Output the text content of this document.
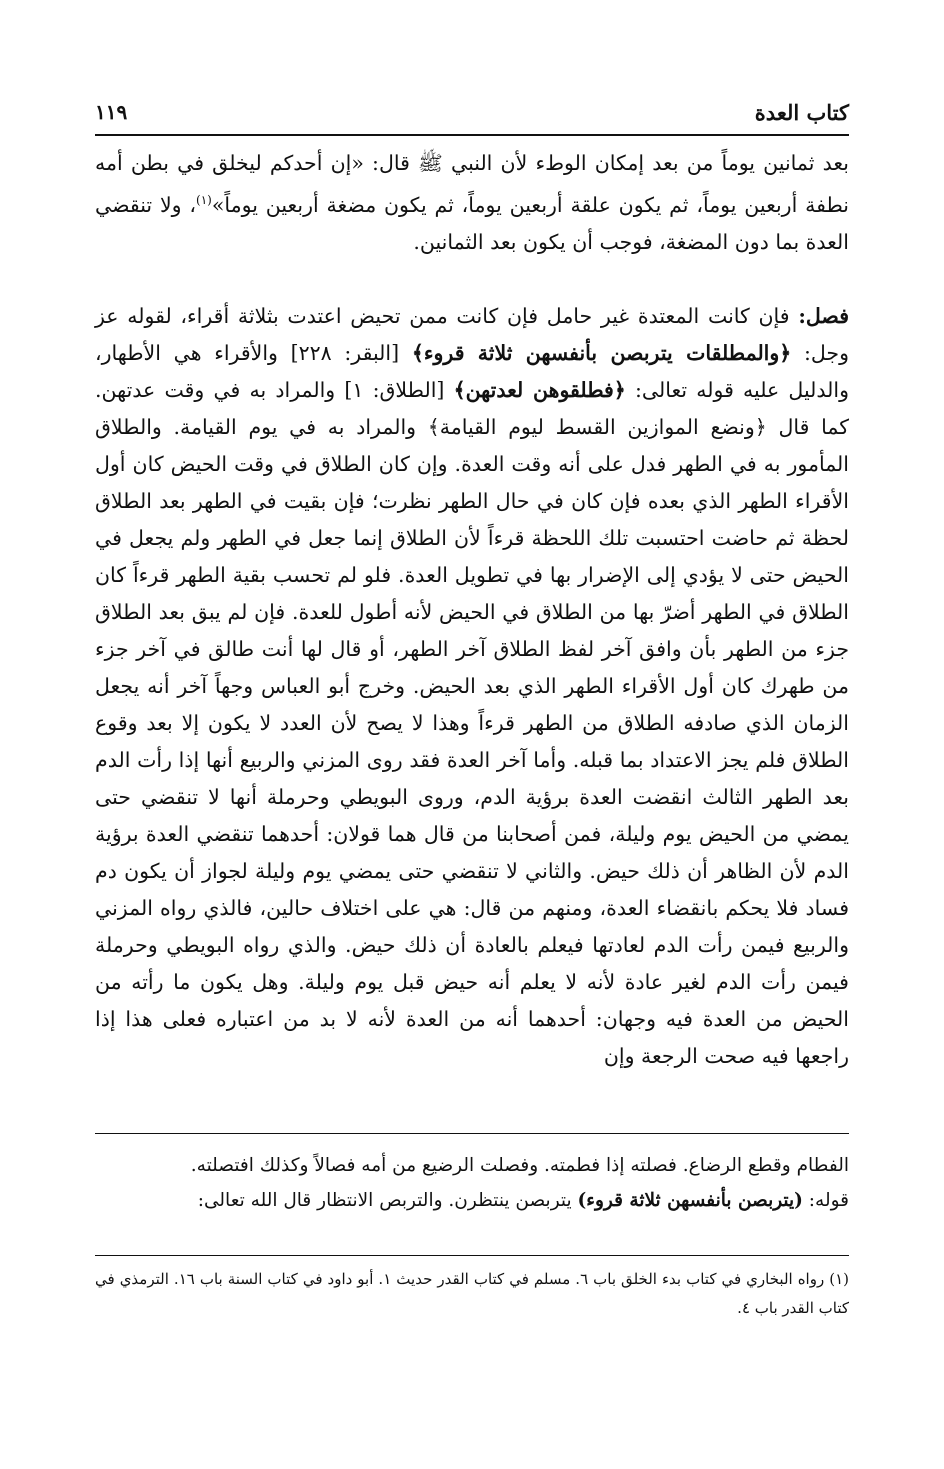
كتاب العدة
١١٩

بعد ثمانين يوماً من بعد إمكان الوطء لأن النبي ﷺ قال: «إن أحدكم ليخلق في بطن أمه نطفة أربعين يوماً، ثم يكون علقة أربعين يوماً، ثم يكون مضغة أربعين يوماً»$^{(١)}$، ولا تنقضي العدة بما دون المضغة، فوجب أن يكون بعد الثمانين.

فصل: فإن كانت المعتدة غير حامل فإن كانت ممن تحيض اعتدت بثلاثة أقراء، لقوله عز وجل: ﴿والمطلقات يتربصن بأنفسهن ثلاثة قروء﴾ [البقر: ٢٢٨] والأقراء هي الأطهار، والدليل عليه قوله تعالى: ﴿فطلقوهن لعدتهن﴾ [الطلاق: ١] والمراد به في وقت عدتهن. كما قال ﴿ونضع الموازين القسط ليوم القيامة﴾ والمراد به في يوم القيامة. والطلاق المأمور به في الطهر فدل على أنه وقت العدة. وإن كان الطلاق في وقت الحيض كان أول الأقراء الطهر الذي بعده فإن كان في حال الطهر نظرت؛ فإن بقيت في الطهر بعد الطلاق لحظة ثم حاضت احتسبت تلك اللحظة قرءاً لأن الطلاق إنما جعل في الطهر ولم يجعل في الحيض حتى لا يؤدي إلى الإضرار بها في تطويل العدة. فلو لم تحسب بقية الطهر قرءاً كان الطلاق في الطهر أضرّ بها من الطلاق في الحيض لأنه أطول للعدة. فإن لم يبق بعد الطلاق جزء من الطهر بأن وافق آخر لفظ الطلاق آخر الطهر، أو قال لها أنت طالق في آخر جزء من طهرك كان أول الأقراء الطهر الذي بعد الحيض. وخرج أبو العباس وجهاً آخر أنه يجعل الزمان الذي صادفه الطلاق من الطهر قرءاً وهذا لا يصح لأن العدد لا يكون إلا بعد وقوع الطلاق فلم يجز الاعتداد بما قبله. وأما آخر العدة فقد روى المزني والربيع أنها إذا رأت الدم بعد الطهر الثالث انقضت العدة برؤية الدم، وروى البويطي وحرملة أنها لا تنقضي حتى يمضي من الحيض يوم وليلة، فمن أصحابنا من قال هما قولان: أحدهما تنقضي العدة برؤية الدم لأن الظاهر أن ذلك حيض. والثاني لا تنقضي حتى يمضي يوم وليلة لجواز أن يكون دم فساد فلا يحكم بانقضاء العدة، ومنهم من قال: هي على اختلاف حالين، فالذي رواه المزني والربيع فيمن رأت الدم لعادتها فيعلم بالعادة أن ذلك حيض. والذي رواه البويطي وحرملة فيمن رأت الدم لغير عادة لأنه لا يعلم أنه حيض قبل يوم وليلة. وهل يكون ما رأته من الحيض من العدة فيه وجهان: أحدهما أنه من العدة لأنه لا بد من اعتباره فعلى هذا إذا راجعها فيه صحت الرجعة وإن

الفطام وقطع الرضاع. فصلته إذا فطمته. وفصلت الرضيع من أمه فصالاً وكذلك افتصلته.
قوله: (يتربصن بأنفسهن ثلاثة قروء) يتربصن ينتظرن. والتربص الانتظار قال الله تعالى:

(١) رواه البخاري في كتاب بدء الخلق باب ٦. مسلم في كتاب القدر حديث ١. أبو داود في كتاب السنة باب ١٦. الترمذي في كتاب القدر باب ٤.
